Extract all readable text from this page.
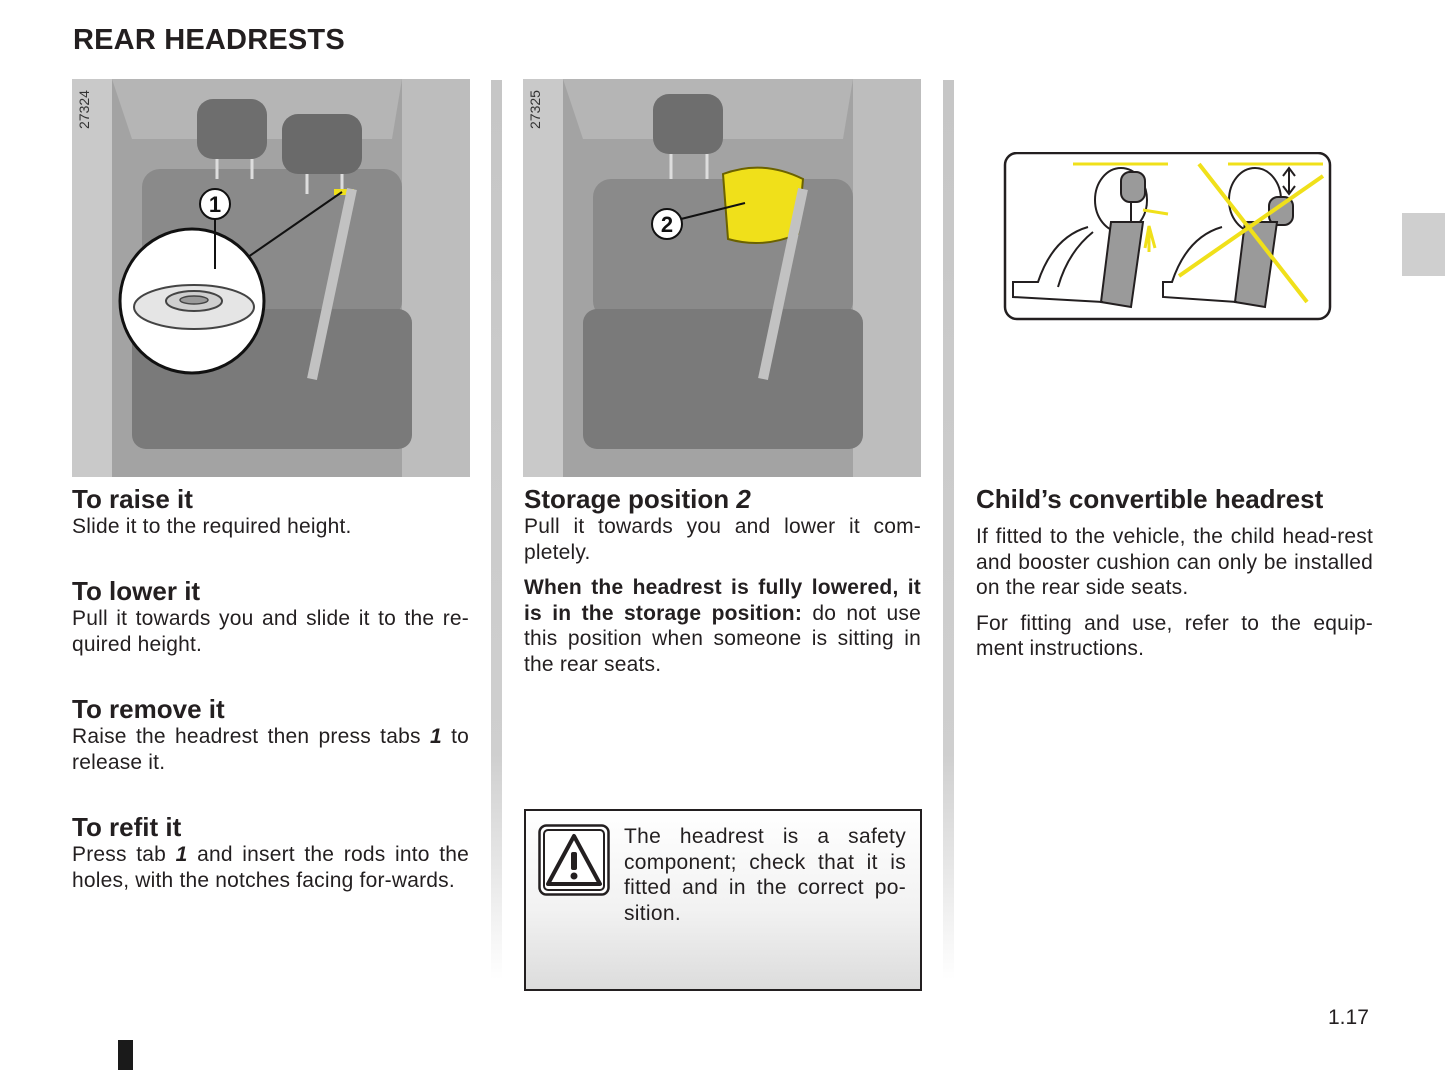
REAR HEADRESTS
1
27324
2
27325
To raise it

Slide it to the required height.

To lower it

Pull it towards you and slide it to the re-quired height.

To remove it

Raise the headrest then press tabs 1 to release it.

To refit it

Press tab 1 and insert the rods into the holes, with the notches facing for-wards.

Storage position 2

Pull it towards you and lower it com-pletely.

When the headrest is fully lowered, it is in the storage position: do not use this position when someone is sitting in the rear seats.

The headrest is a safety component; check that it is fitted and in the correct po-sition.
Child’s convertible headrest

If fitted to the vehicle, the child head-rest and booster cushion can only be installed on the rear side seats.

For fitting and use, refer to the equip-ment instructions.

1.17
